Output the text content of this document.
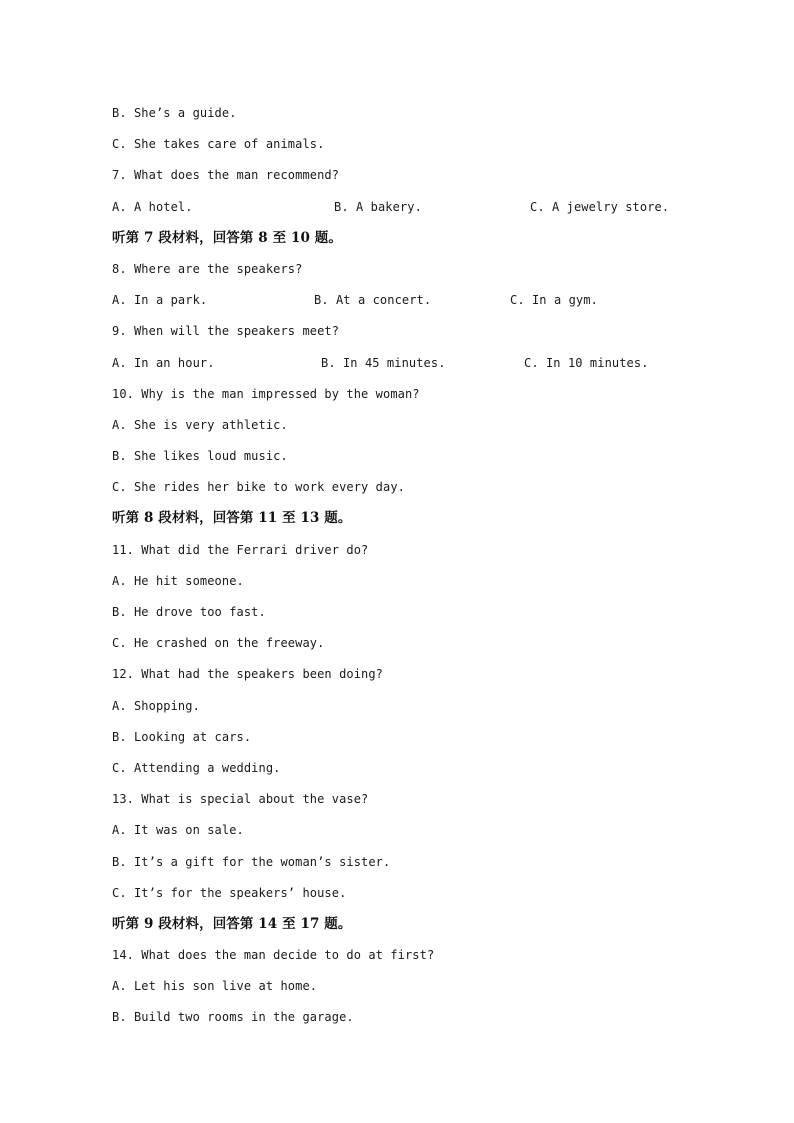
B. She’s a guide.
C. She takes care of animals.
7. What does the man recommend?
A. A hotel.	B. A bakery.	C. A jewelry store.
听第 7 段材料，回答第 8 至 10 题。
8. Where are the speakers?
A. In a park.	B. At a concert.	C. In a gym.
9. When will the speakers meet?
A. In an hour.	B. In 45 minutes.	C. In 10 minutes.
10. Why is the man impressed by the woman?
A. She is very athletic.
B. She likes loud music.
C. She rides her bike to work every day.
听第 8 段材料，回答第 11 至 13 题。
11. What did the Ferrari driver do?
A. He hit someone.
B. He drove too fast.
C. He crashed on the freeway.
12. What had the speakers been doing?
A. Shopping.
B. Looking at cars.
C. Attending a wedding.
13. What is special about the vase?
A. It was on sale.
B. It’s a gift for the woman’s sister.
C. It’s for the speakers’ house.
听第 9 段材料，回答第 14 至 17 题。
14. What does the man decide to do at first?
A. Let his son live at home.
B. Build two rooms in the garage.
